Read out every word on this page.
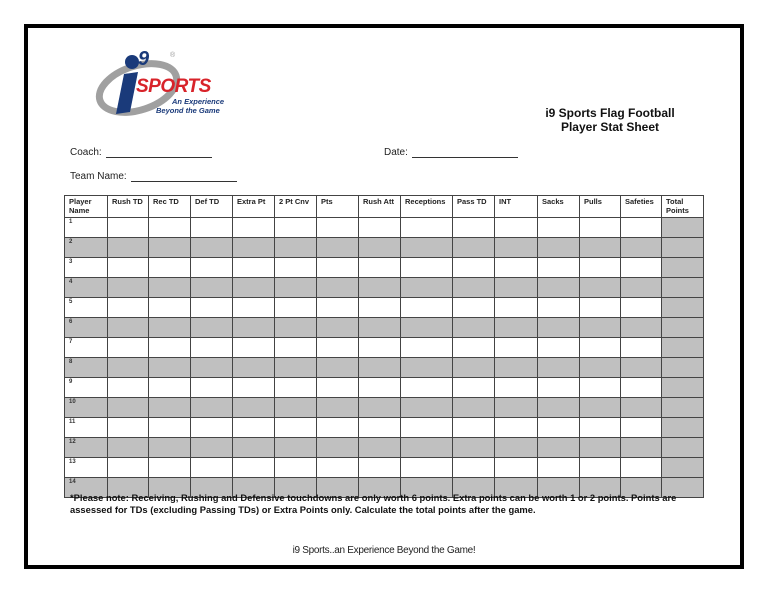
9	®
SPORTS
An Experience
Beyond the Game	i9 Sports Flag Football
Player Stat Sheet
Coach:	Date:
Team Name:
Player Name	Rush TD	Rec TD	Def TD	Extra Pt	2 Pt Cnv	Pts	Rush Att	Receptions	Pass TD	INT	Sacks	Pulls	Safeties	Total Points
1														
2														
3														
4														
5														
6														
7														
8														
9														
10														
11														
12														
13														
14														
*Please note: Receiving, Rushing and Defensive touchdowns are only worth 6 points. Extra points can be worth 1 or 2 points. Points are assessed for TDs (excluding Passing TDs) or Extra Points only. Calculate the total points after the game.
i9 Sports..an Experience Beyond the Game!
